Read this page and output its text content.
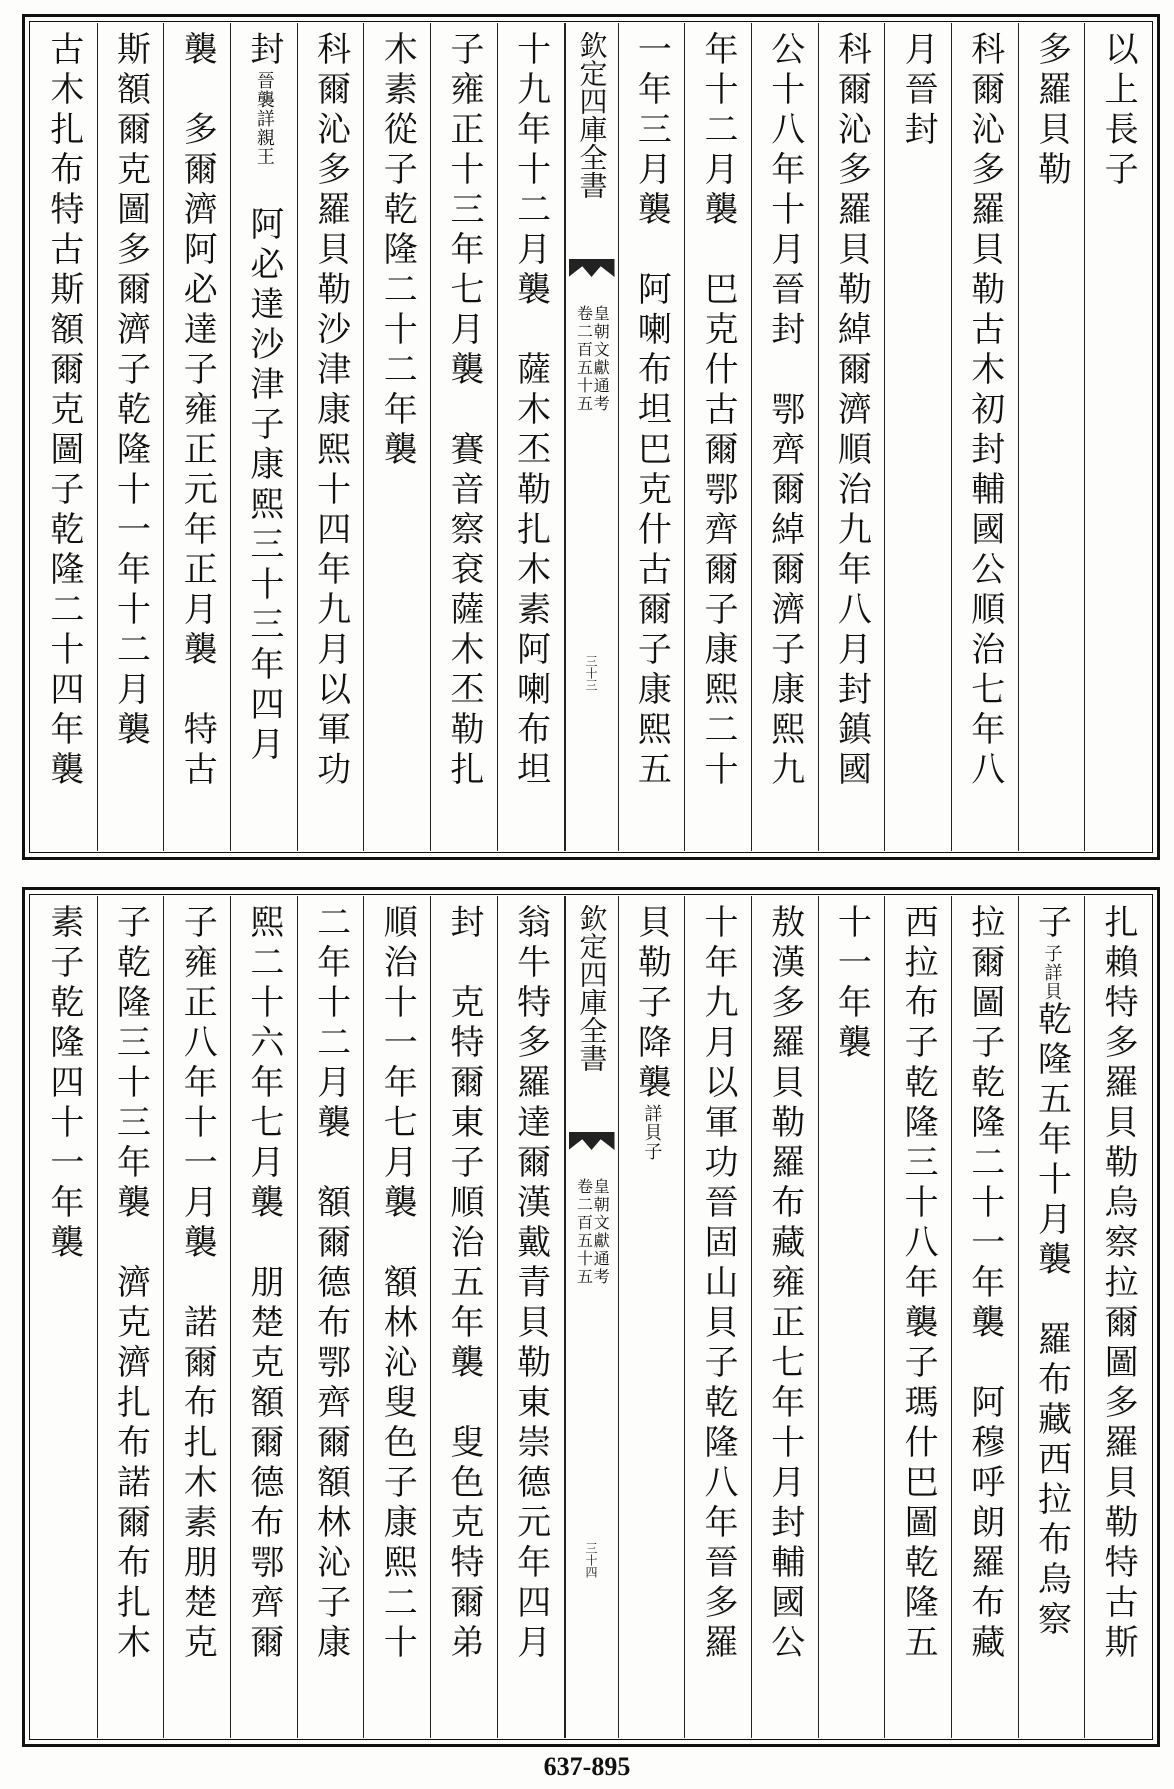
以上長子
多羅貝勒
科爾沁多羅貝勒古木初封輔國公順治七年八
月晉封
科爾沁多羅貝勒綽爾濟順治九年八月封鎮國
公十八年十月晉封　鄂齊爾綽爾濟子康熙九
年十二月襲　巴克什古爾鄂齊爾子康熙二十
一年三月襲　阿喇布坦巴克什古爾子康熙五
欽定四庫全書
皇朝文獻通考
卷二百五十五
三十三
十九年十二月襲　薩木丕勒扎木素阿喇布坦
子雍正十三年七月襲　賽音察袞薩木丕勒扎
木素從子乾隆二十二年襲
科爾沁多羅貝勒沙津康熙十四年九月以軍功
封晉襲詳親王　阿必達沙津子康熙三十三年四月
襲　多爾濟阿必達子雍正元年正月襲　特古
斯額爾克圖多爾濟子乾隆十一年十二月襲
古木扎布特古斯額爾克圖子乾隆二十四年襲
扎賴特多羅貝勒烏察拉爾圖多羅貝勒特古斯
子子詳貝乾隆五年十月襲　羅布藏西拉布烏察
拉爾圖子乾隆二十一年襲　阿穆呼朗羅布藏
西拉布子乾隆三十八年襲子瑪什巴圖乾隆五
十一年襲
敖漢多羅貝勒羅布藏雍正七年十月封輔國公
十年九月以軍功晉固山貝子乾隆八年晉多羅
貝勒子降襲詳貝子
欽定四庫全書
皇朝文獻通考
卷二百五十五
三十四
翁牛特多羅達爾漢戴青貝勒東崇德元年四月
封　克特爾東子順治五年襲　叟色克特爾弟
順治十一年七月襲　額林沁叟色子康熙二十
二年十二月襲　額爾德布鄂齊爾額林沁子康
熙二十六年七月襲　朋楚克額爾德布鄂齊爾
子雍正八年十一月襲　諾爾布扎木素朋楚克
子乾隆三十三年襲　濟克濟扎布諾爾布扎木
素子乾隆四十一年襲
637-895
